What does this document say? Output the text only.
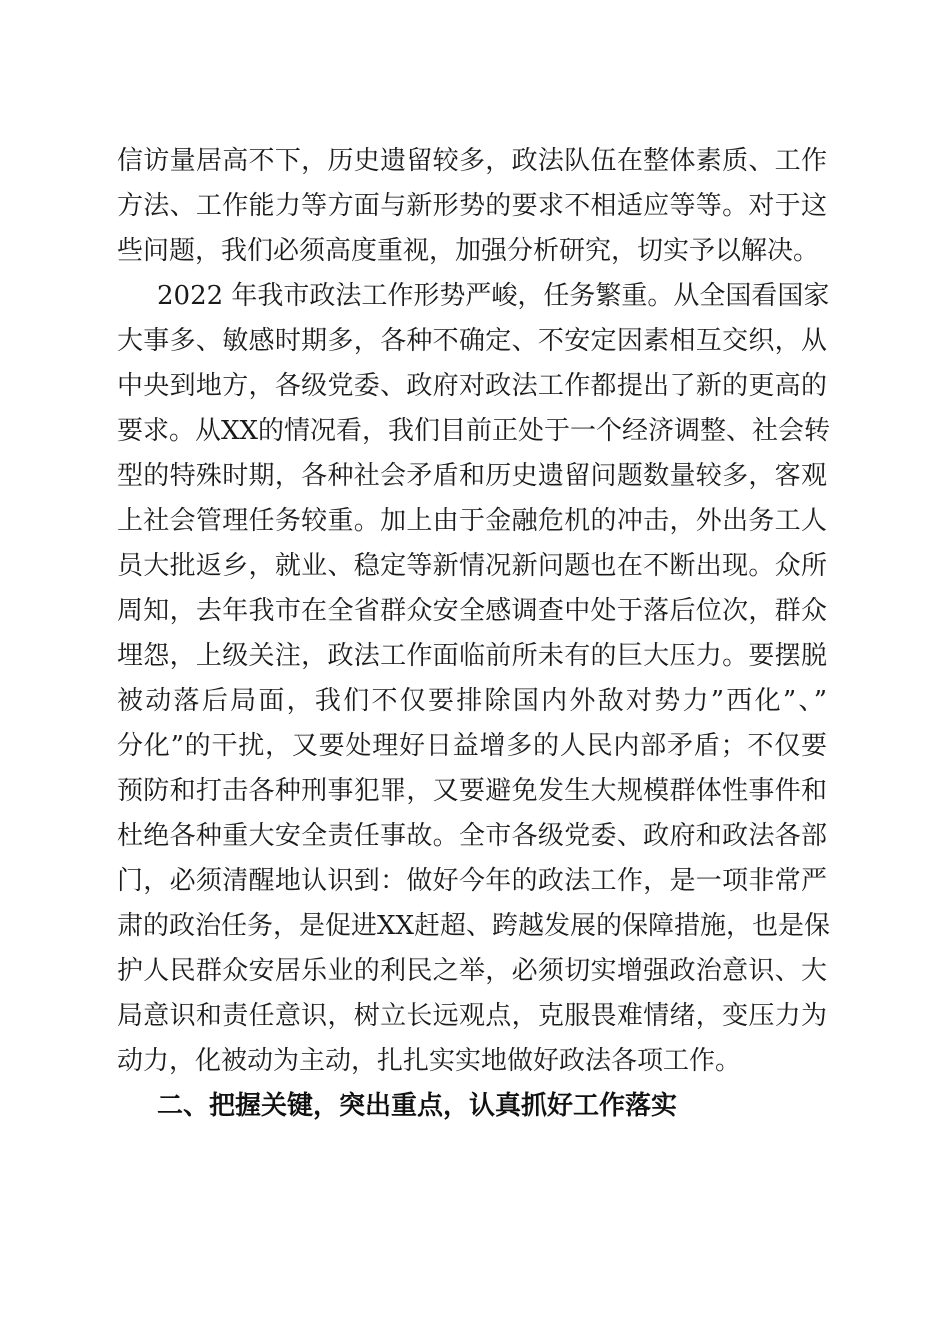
信访量居高不下，历史遗留较多，政法队伍在整体素质、工作
方法、工作能力等方面与新形势的要求不相适应等等。对于这
些问题，我们必须高度重视，加强分析研究，切实予以解决。
2022 年我市政法工作形势严峻，任务繁重。从全国看国家
大事多、敏感时期多，各种不确定、不安定因素相互交织，从
中央到地方，各级党委、政府对政法工作都提出了新的更高的
要求。从XX的情况看，我们目前正处于一个经济调整、社会转
型的特殊时期，各种社会矛盾和历史遗留问题数量较多，客观
上社会管理任务较重。加上由于金融危机的冲击，外出务工人
员大批返乡，就业、稳定等新情况新问题也在不断出现。众所
周知，去年我市在全省群众安全感调查中处于落后位次，群众
埋怨，上级关注，政法工作面临前所未有的巨大压力。要摆脱
被动落后局面，我们不仅要排除国内外敌对势力”西化”、”
分化”的干扰，又要处理好日益增多的人民内部矛盾；不仅要
预防和打击各种刑事犯罪，又要避免发生大规模群体性事件和
杜绝各种重大安全责任事故。全市各级党委、政府和政法各部
门，必须清醒地认识到：做好今年的政法工作，是一项非常严
肃的政治任务，是促进XX赶超、跨越发展的保障措施，也是保
护人民群众安居乐业的利民之举，必须切实增强政治意识、大
局意识和责任意识，树立长远观点，克服畏难情绪，变压力为
动力，化被动为主动，扎扎实实地做好政法各项工作。
二、把握关键，突出重点，认真抓好工作落实
